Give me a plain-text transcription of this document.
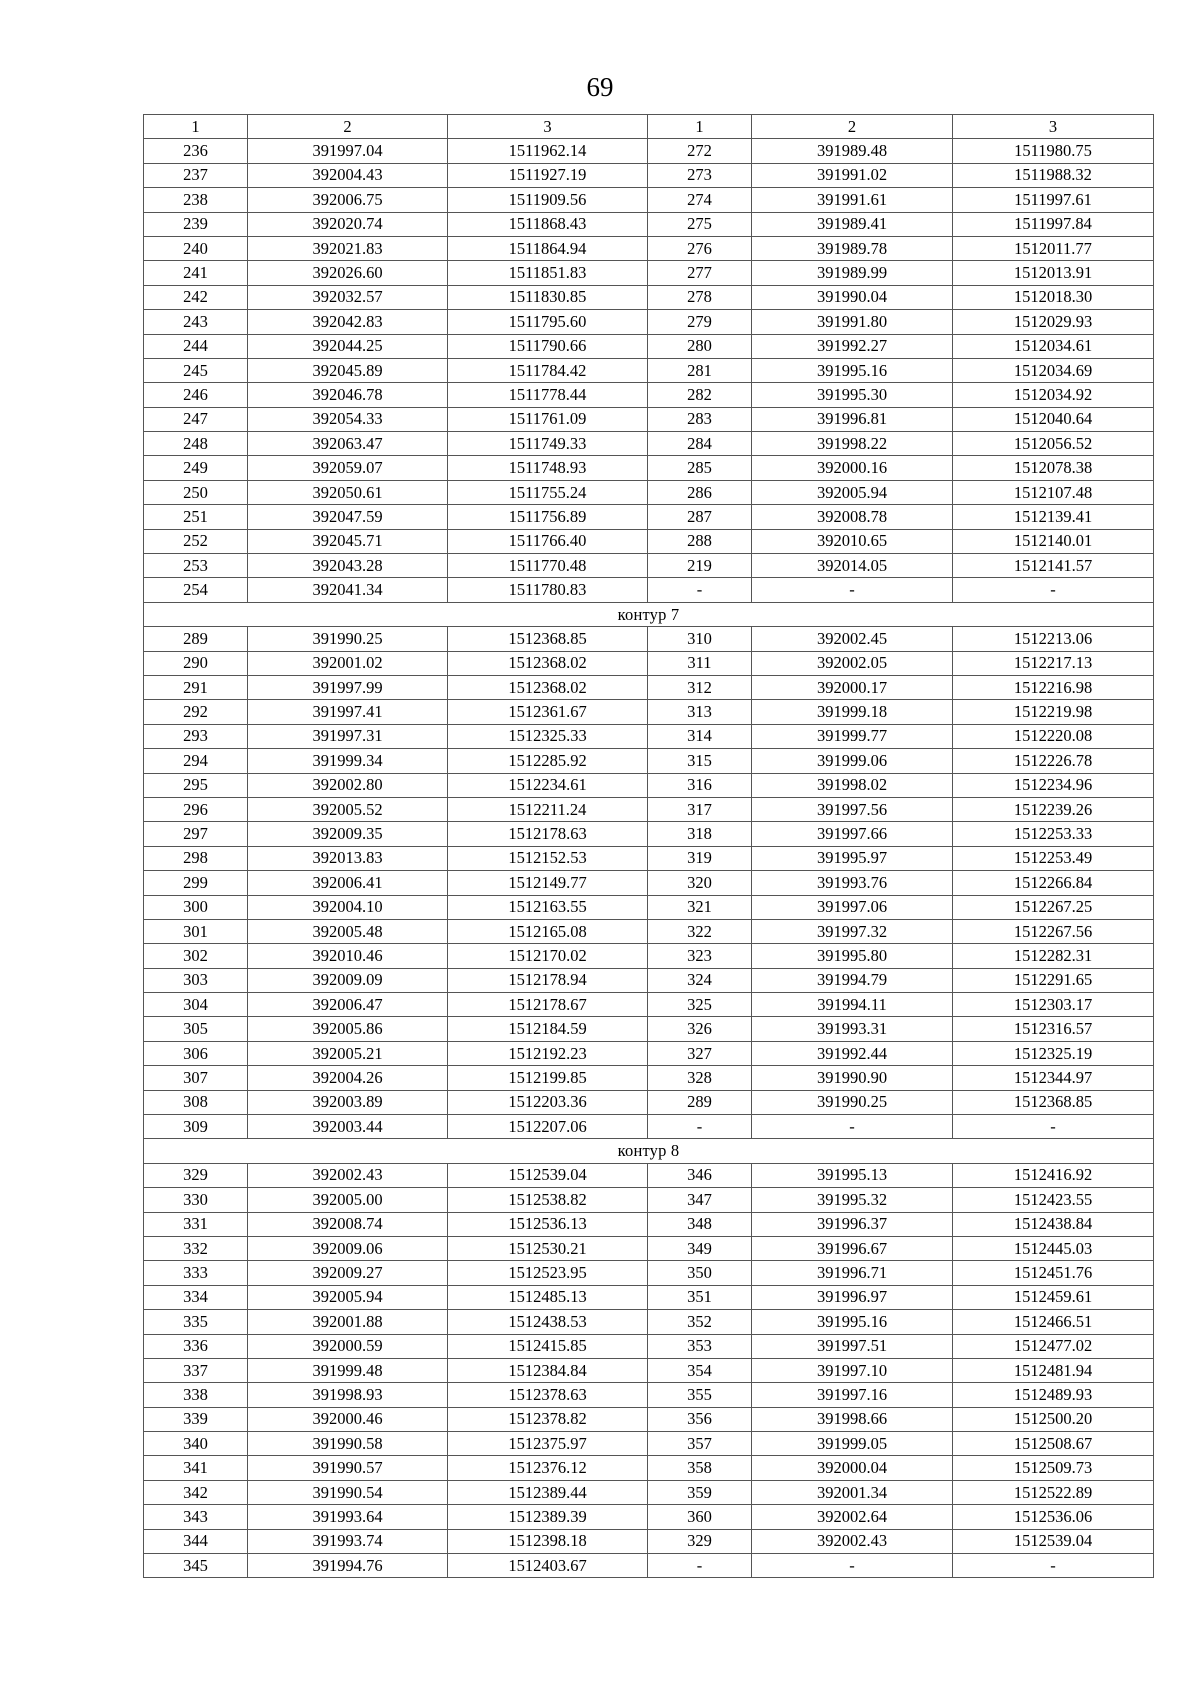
69
1	2	3	1	2	3
236	391997.04	1511962.14	272	391989.48	1511980.75
237	392004.43	1511927.19	273	391991.02	1511988.32
238	392006.75	1511909.56	274	391991.61	1511997.61
239	392020.74	1511868.43	275	391989.41	1511997.84
240	392021.83	1511864.94	276	391989.78	1512011.77
241	392026.60	1511851.83	277	391989.99	1512013.91
242	392032.57	1511830.85	278	391990.04	1512018.30
243	392042.83	1511795.60	279	391991.80	1512029.93
244	392044.25	1511790.66	280	391992.27	1512034.61
245	392045.89	1511784.42	281	391995.16	1512034.69
246	392046.78	1511778.44	282	391995.30	1512034.92
247	392054.33	1511761.09	283	391996.81	1512040.64
248	392063.47	1511749.33	284	391998.22	1512056.52
249	392059.07	1511748.93	285	392000.16	1512078.38
250	392050.61	1511755.24	286	392005.94	1512107.48
251	392047.59	1511756.89	287	392008.78	1512139.41
252	392045.71	1511766.40	288	392010.65	1512140.01
253	392043.28	1511770.48	219	392014.05	1512141.57
254	392041.34	1511780.83	-	-	-
контур 7					
289	391990.25	1512368.85	310	392002.45	1512213.06
290	392001.02	1512368.02	311	392002.05	1512217.13
291	391997.99	1512368.02	312	392000.17	1512216.98
292	391997.41	1512361.67	313	391999.18	1512219.98
293	391997.31	1512325.33	314	391999.77	1512220.08
294	391999.34	1512285.92	315	391999.06	1512226.78
295	392002.80	1512234.61	316	391998.02	1512234.96
296	392005.52	1512211.24	317	391997.56	1512239.26
297	392009.35	1512178.63	318	391997.66	1512253.33
298	392013.83	1512152.53	319	391995.97	1512253.49
299	392006.41	1512149.77	320	391993.76	1512266.84
300	392004.10	1512163.55	321	391997.06	1512267.25
301	392005.48	1512165.08	322	391997.32	1512267.56
302	392010.46	1512170.02	323	391995.80	1512282.31
303	392009.09	1512178.94	324	391994.79	1512291.65
304	392006.47	1512178.67	325	391994.11	1512303.17
305	392005.86	1512184.59	326	391993.31	1512316.57
306	392005.21	1512192.23	327	391992.44	1512325.19
307	392004.26	1512199.85	328	391990.90	1512344.97
308	392003.89	1512203.36	289	391990.25	1512368.85
309	392003.44	1512207.06	-	-	-
контур 8					
329	392002.43	1512539.04	346	391995.13	1512416.92
330	392005.00	1512538.82	347	391995.32	1512423.55
331	392008.74	1512536.13	348	391996.37	1512438.84
332	392009.06	1512530.21	349	391996.67	1512445.03
333	392009.27	1512523.95	350	391996.71	1512451.76
334	392005.94	1512485.13	351	391996.97	1512459.61
335	392001.88	1512438.53	352	391995.16	1512466.51
336	392000.59	1512415.85	353	391997.51	1512477.02
337	391999.48	1512384.84	354	391997.10	1512481.94
338	391998.93	1512378.63	355	391997.16	1512489.93
339	392000.46	1512378.82	356	391998.66	1512500.20
340	391990.58	1512375.97	357	391999.05	1512508.67
341	391990.57	1512376.12	358	392000.04	1512509.73
342	391990.54	1512389.44	359	392001.34	1512522.89
343	391993.64	1512389.39	360	392002.64	1512536.06
344	391993.74	1512398.18	329	392002.43	1512539.04
345	391994.76	1512403.67	-	-	-
